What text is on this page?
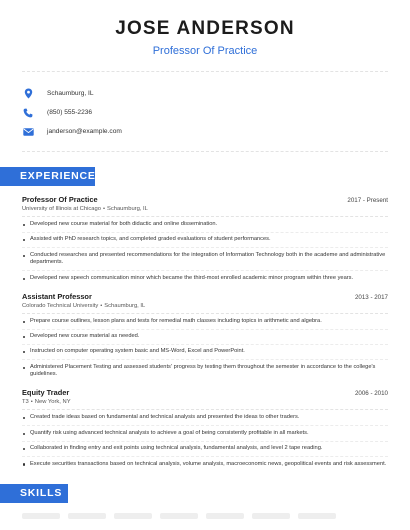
JOSE ANDERSON
Professor Of Practice
Schaumburg, IL
(850) 555-2236
janderson@example.com
EXPERIENCE
Professor Of Practice	2017 - Present
University of Illinois at Chicago • Schaumburg, IL
Developed new course material for both didactic and online dissemination.
Assisted with PhD research topics, and completed graded evaluations of student performances.
Conducted researches and presented recommendations for the integration of Information Technology both in the academe and administrative departments.
Developed new speech communication minor which became the third-most enrolled academic minor program within three years.
Assistant Professor	2013 - 2017
Colorado Technical University • Schaumburg, IL
Prepare course outlines, lesson plans and tests for remedial math classes including topics in arithmetic and algebra.
Developed new course material as needed.
Instructed on computer operating system basic and MS-Word, Excel and PowerPoint.
Administered Placement Testing and assessed students' progress by testing them throughout the semester in accordance to the college's guidelines.
Equity Trader	2006 - 2010
T3 • New York, NY
Created trade ideas based on fundamental and technical analysis and presented the ideas to other traders.
Quantify risk using advanced technical analysis to achieve a goal of being consistently profitable in all markets.
Collaborated in finding entry and exit points using technical analysis, fundamental analysis, and level 2 tape reading.
Execute securities transactions based on technical analysis, volume analysis, macroeconomic news, geopolitical events and risk assessment.
SKILLS
